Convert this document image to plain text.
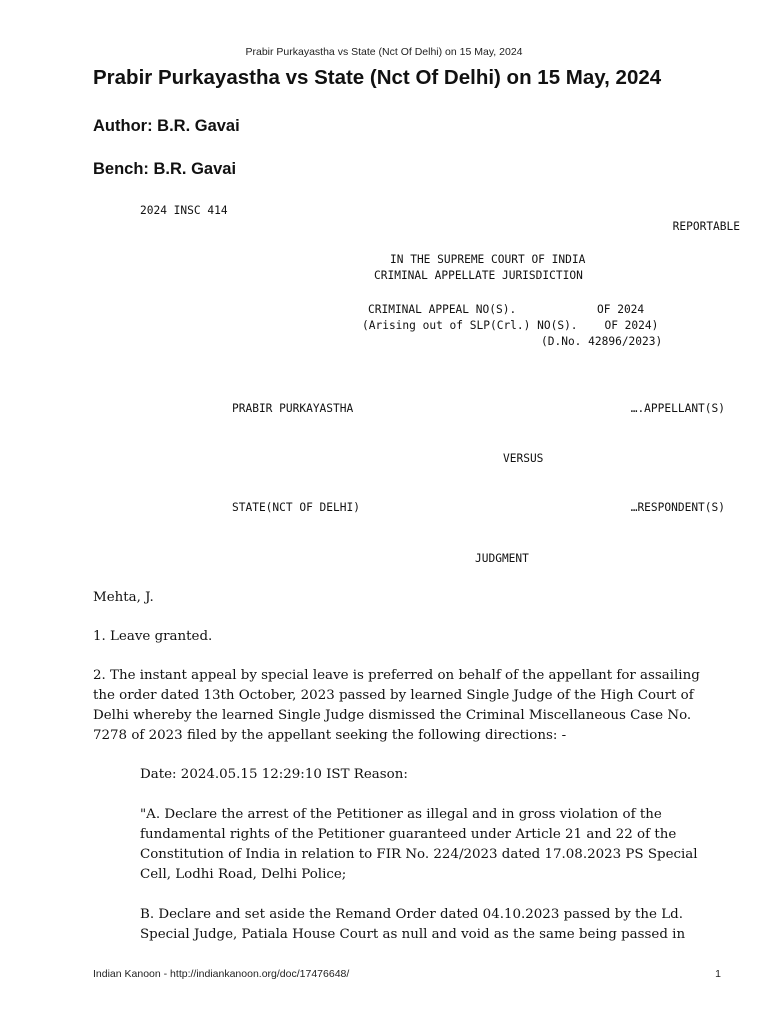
Prabir Purkayastha vs State (Nct Of Delhi) on 15 May, 2024
Prabir Purkayastha vs State (Nct Of Delhi) on 15 May, 2024

Author: B.R. Gavai

Bench: B.R. Gavai

2024 INSC 414
REPORTABLE
IN THE SUPREME COURT OF INDIA
CRIMINAL APPELLATE JURISDICTION
CRIMINAL APPEAL NO(S).            OF 2024
(Arising out of SLP(Crl.) NO(S).    OF 2024)
(D.No. 42896/2023)
PRABIR PURKAYASTHA	….APPELLANT(S)
VERSUS
STATE(NCT OF DELHI)	…RESPONDENT(S)
JUDGMENT

Mehta, J.

1. Leave granted.

2. The instant appeal by special leave is preferred on behalf of the appellant for assailing the order dated 13th October, 2023 passed by learned Single Judge of the High Court of Delhi whereby the learned Single Judge dismissed the Criminal Miscellaneous Case No. 7278 of 2023 filed by the appellant seeking the following directions: -

Date: 2024.05.15 12:29:10 IST Reason:

"A. Declare the arrest of the Petitioner as illegal and in gross violation of the fundamental rights of the Petitioner guaranteed under Article 21 and 22 of the Constitution of India in relation to FIR No. 224/2023 dated 17.08.2023 PS Special Cell, Lodhi Road, Delhi Police;

B. Declare and set aside the Remand Order dated 04.10.2023 passed by the Ld. Special Judge, Patiala House Court as null and void as the same being passed in

Indian Kanoon - http://indiankanoon.org/doc/17476648/	1
